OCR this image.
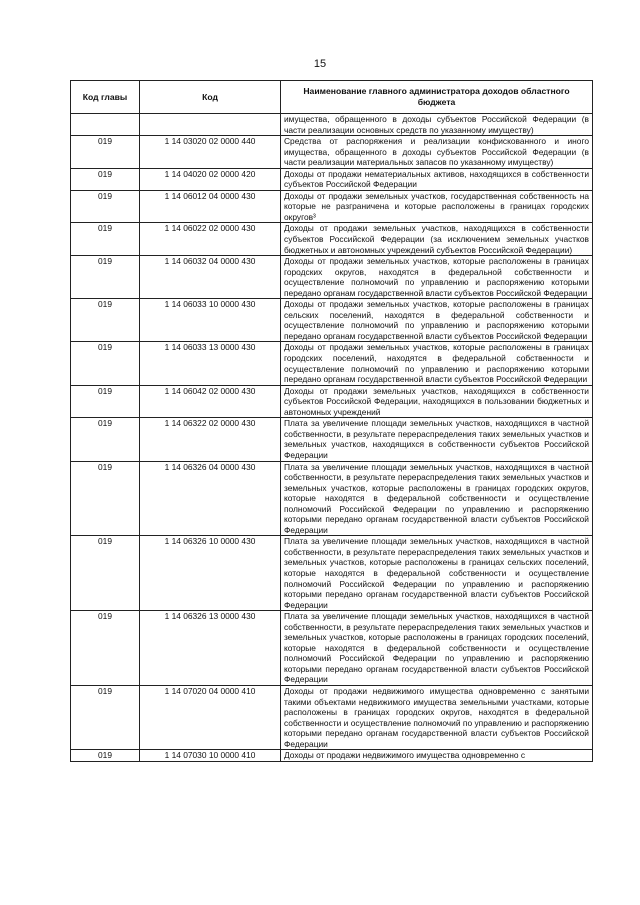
15
Код главы	Код	Наименование главного администратора доходов областного бюджета
		имущества, обращенного в доходы субъектов Российской Федерации (в части реализации основных средств по указанному имуществу)
019	1 14 03020 02 0000 440	Средства от распоряжения и реализации конфискованного и иного имущества, обращенного в доходы субъектов Российской Федерации (в части реализации материальных запасов по указанному имуществу)
019	1 14 04020 02 0000 420	Доходы от продажи нематериальных активов, находящихся в собственности субъектов Российской Федерации
019	1 14 06012 04 0000 430	Доходы от продажи земельных участков, государственная собственность на которые не разграничена и которые расположены в границах городских округов³
019	1 14 06022 02 0000 430	Доходы от продажи земельных участков, находящихся в собственности субъектов Российской Федерации (за исключением земельных участков бюджетных и автономных учреждений субъектов Российской Федерации)
019	1 14 06032 04 0000 430	Доходы от продажи земельных участков, которые расположены в границах городских округов, находятся в федеральной собственности и осуществление полномочий по управлению и распоряжению которыми передано органам государственной власти субъектов Российской Федерации
019	1 14 06033 10 0000 430	Доходы от продажи земельных участков, которые расположены в границах сельских поселений, находятся в федеральной собственности и осуществление полномочий по управлению и распоряжению которыми передано органам государственной власти субъектов Российской Федерации
019	1 14 06033 13 0000 430	Доходы от продажи земельных участков, которые расположены в границах городских поселений, находятся в федеральной собственности и осуществление полномочий по управлению и распоряжению которыми передано органам государственной власти субъектов Российской Федерации
019	1 14 06042 02 0000 430	Доходы от продажи земельных участков, находящихся в собственности субъектов Российской Федерации, находящихся в пользовании бюджетных и автономных учреждений
019	1 14 06322 02 0000 430	Плата за увеличение площади земельных участков, находящихся в частной собственности, в результате перераспределения таких земельных участков и земельных участков, находящихся в собственности субъектов Российской Федерации
019	1 14 06326 04 0000 430	Плата за увеличение площади земельных участков, находящихся в частной собственности, в результате перераспределения таких земельных участков и земельных участков, которые расположены в границах городских округов, которые находятся в федеральной собственности и осуществление полномочий Российской Федерации по управлению и распоряжению которыми передано органам государственной власти субъектов Российской Федерации
019	1 14 06326 10 0000 430	Плата за увеличение площади земельных участков, находящихся в частной собственности, в результате перераспределения таких земельных участков и земельных участков, которые расположены в границах сельских поселений, которые находятся в федеральной собственности и осуществление полномочий Российской Федерации по управлению и распоряжению которыми передано органам государственной власти субъектов Российской Федерации
019	1 14 06326 13 0000 430	Плата за увеличение площади земельных участков, находящихся в частной собственности, в результате перераспределения таких земельных участков и земельных участков, которые расположены в границах городских поселений, которые находятся в федеральной собственности и осуществление полномочий Российской Федерации по управлению и распоряжению которыми передано органам государственной власти субъектов Российской Федерации
019	1 14 07020 04 0000 410	Доходы от продажи недвижимого имущества одновременно с занятыми такими объектами недвижимого имущества земельными участками, которые расположены в границах городских округов, находятся в федеральной собственности и осуществление полномочий по управлению и распоряжению которыми передано органам государственной власти субъектов Российской Федерации
019	1 14 07030 10 0000 410	Доходы от продажи недвижимого имущества одновременно с
